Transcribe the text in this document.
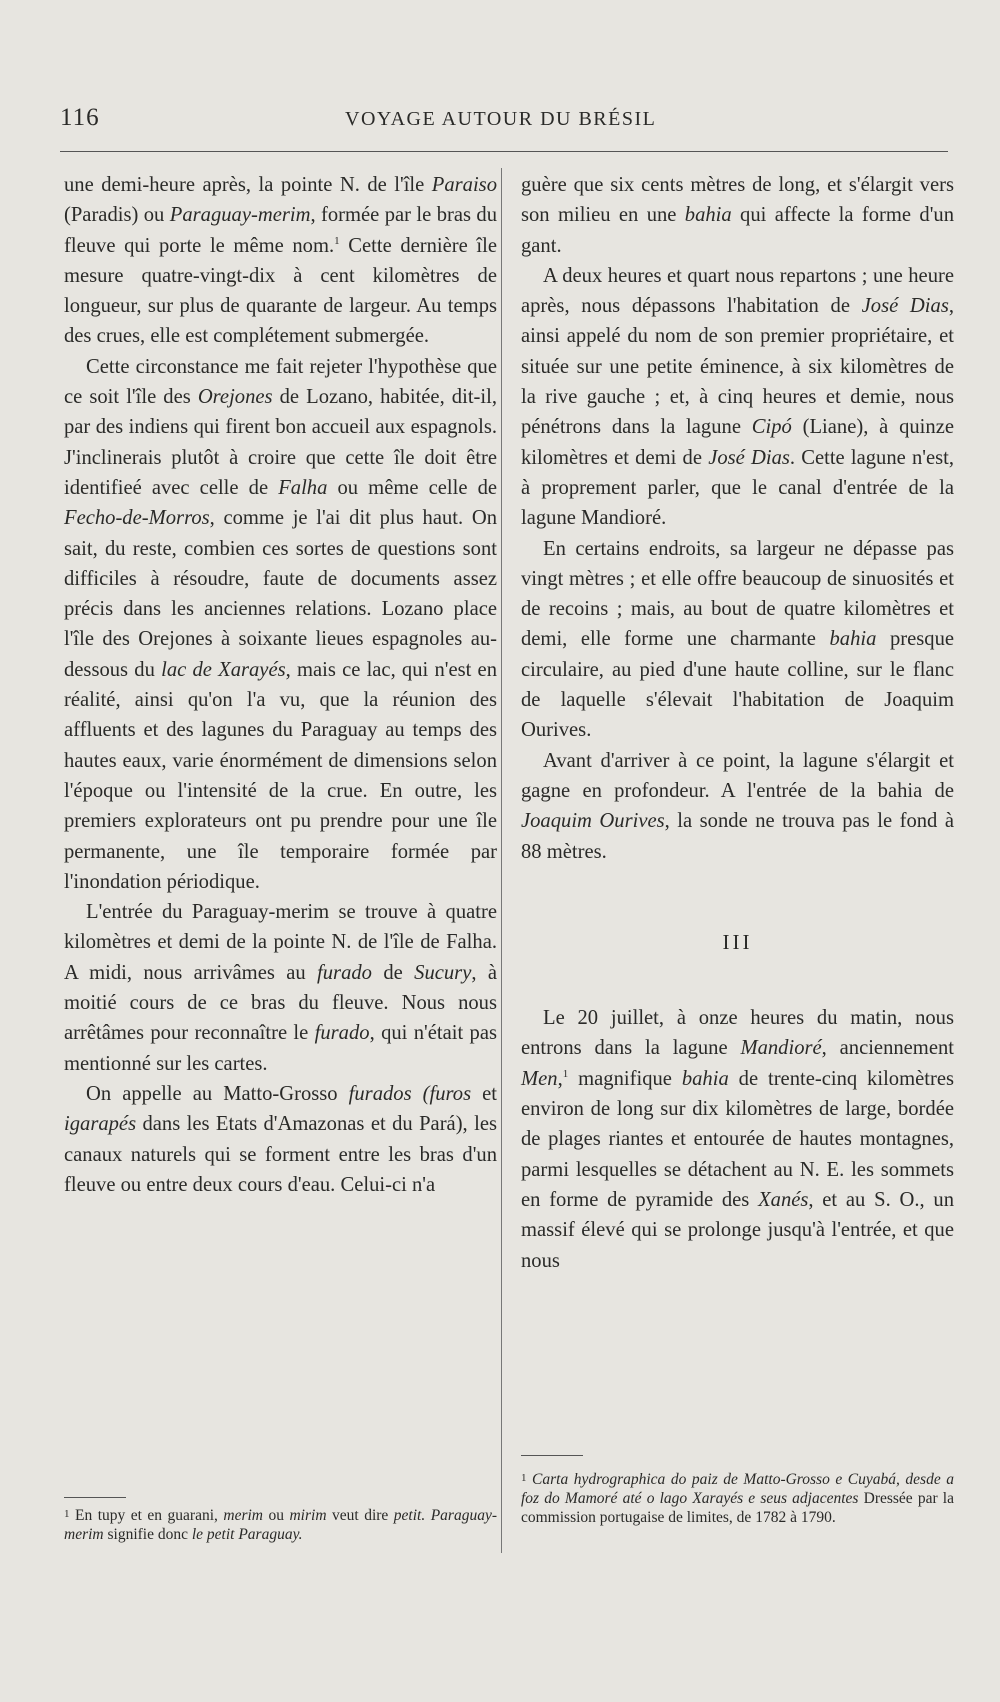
116	VOYAGE AUTOUR DU BRÉSIL

une demi-heure après, la pointe N. de l'île Paraiso (Paradis) ou Paraguay-merim, formée par le bras du fleuve qui porte le même nom.$^1$ Cette dernière île mesure quatre-vingt-dix à cent kilomètres de longueur, sur plus de quarante de largeur. Au temps des crues, elle est complétement submergée.

Cette circonstance me fait rejeter l'hypothèse que ce soit l'île des Orejones de Lozano, habitée, dit-il, par des indiens qui firent bon accueil aux espagnols. J'inclinerais plutôt à croire que cette île doit être identifieé avec celle de Falha ou même celle de Fecho-de-Morros, comme je l'ai dit plus haut. On sait, du reste, combien ces sortes de questions sont difficiles à résoudre, faute de documents assez précis dans les anciennes relations. Lozano place l'île des Orejones à soixante lieues espagnoles au-dessous du lac de Xarayés, mais ce lac, qui n'est en réalité, ainsi qu'on l'a vu, que la réunion des affluents et des lagunes du Paraguay au temps des hautes eaux, varie énormément de dimensions selon l'époque ou l'intensité de la crue. En outre, les premiers explorateurs ont pu prendre pour une île permanente, une île temporaire formée par l'inondation périodique.

L'entrée du Paraguay-merim se trouve à quatre kilomètres et demi de la pointe N. de l'île de Falha. A midi, nous arrivâmes au furado de Sucury, à moitié cours de ce bras du fleuve. Nous nous arrêtâmes pour reconnaître le furado, qui n'était pas mentionné sur les cartes.

On appelle au Matto-Grosso furados (furos et igarapés dans les Etats d'Amazonas et du Pará), les canaux naturels qui se forment entre les bras d'un fleuve ou entre deux cours d'eau. Celui-ci n'a

guère que six cents mètres de long, et s'élargit vers son milieu en une bahia qui affecte la forme d'un gant.

A deux heures et quart nous repartons ; une heure après, nous dépassons l'habitation de José Dias, ainsi appelé du nom de son premier propriétaire, et située sur une petite éminence, à six kilomètres de la rive gauche ; et, à cinq heures et demie, nous pénétrons dans la lagune Cipó (Liane), à quinze kilomètres et demi de José Dias. Cette lagune n'est, à proprement parler, que le canal d'entrée de la lagune Mandioré.

En certains endroits, sa largeur ne dépasse pas vingt mètres ; et elle offre beaucoup de sinuosités et de recoins ; mais, au bout de quatre kilomètres et demi, elle forme une charmante bahia presque circulaire, au pied d'une haute colline, sur le flanc de laquelle s'élevait l'habitation de Joaquim Ourives.

Avant d'arriver à ce point, la lagune s'élargit et gagne en profondeur. A l'entrée de la bahia de Joaquim Ourives, la sonde ne trouva pas le fond à 88 mètres.

III

Le 20 juillet, à onze heures du matin, nous entrons dans la lagune Mandioré, anciennement Men,$^1$ magnifique bahia de trente-cinq kilomètres environ de long sur dix kilomètres de large, bordée de plages riantes et entourée de hautes montagnes, parmi lesquelles se détachent au N. E. les sommets en forme de pyramide des Xanés, et au S. O., un massif élevé qui se prolonge jusqu'à l'entrée, et que nous

1 En tupy et en guarani, merim ou mirim veut dire petit. Paraguay-merim signifie donc le petit Paraguay.
1 Carta hydrographica do paiz de Matto-Grosso e Cuyabá, desde a foz do Mamoré até o lago Xarayés e seus adjacentes Dressée par la commission portugaise de limites, de 1782 à 1790.
